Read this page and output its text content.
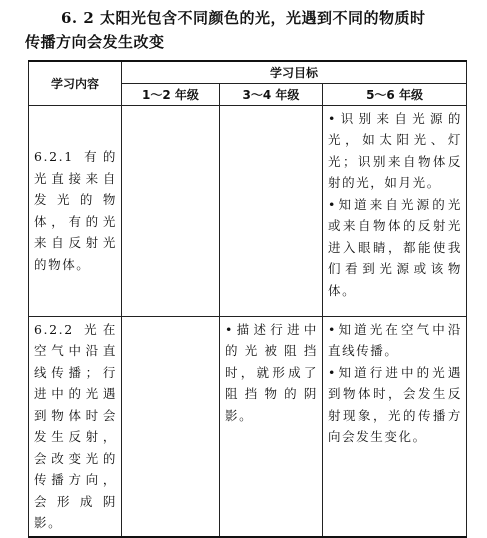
6. 2 太阳光包含不同颜色的光，光遇到不同的物质时
传播方向会发生改变
学习内容	学习目标		
	1～2 年级	3～4 年级	5～6 年级

6.2.1 有的光直接来自发光的物体，有的光来自反射光的物体。			•识别来自光源的光，如太阳光、灯光；识别来自物体反射的光，如月光。

•知道来自光源的光或来自物体的反射光进入眼睛，都能使我们看到光源或该物体。

6.2.2 光在空气中沿直线传播；行进中的光遇到物体时会发生反射，会改变光的传播方向，会形成阴影。		•描述行进中的光被阻挡时，就形成了阻挡物的阴影。	•知道光在空气中沿直线传播。

•知道行进中的光遇到物体时，会发生反射现象，光的传播方向会发生变化。
